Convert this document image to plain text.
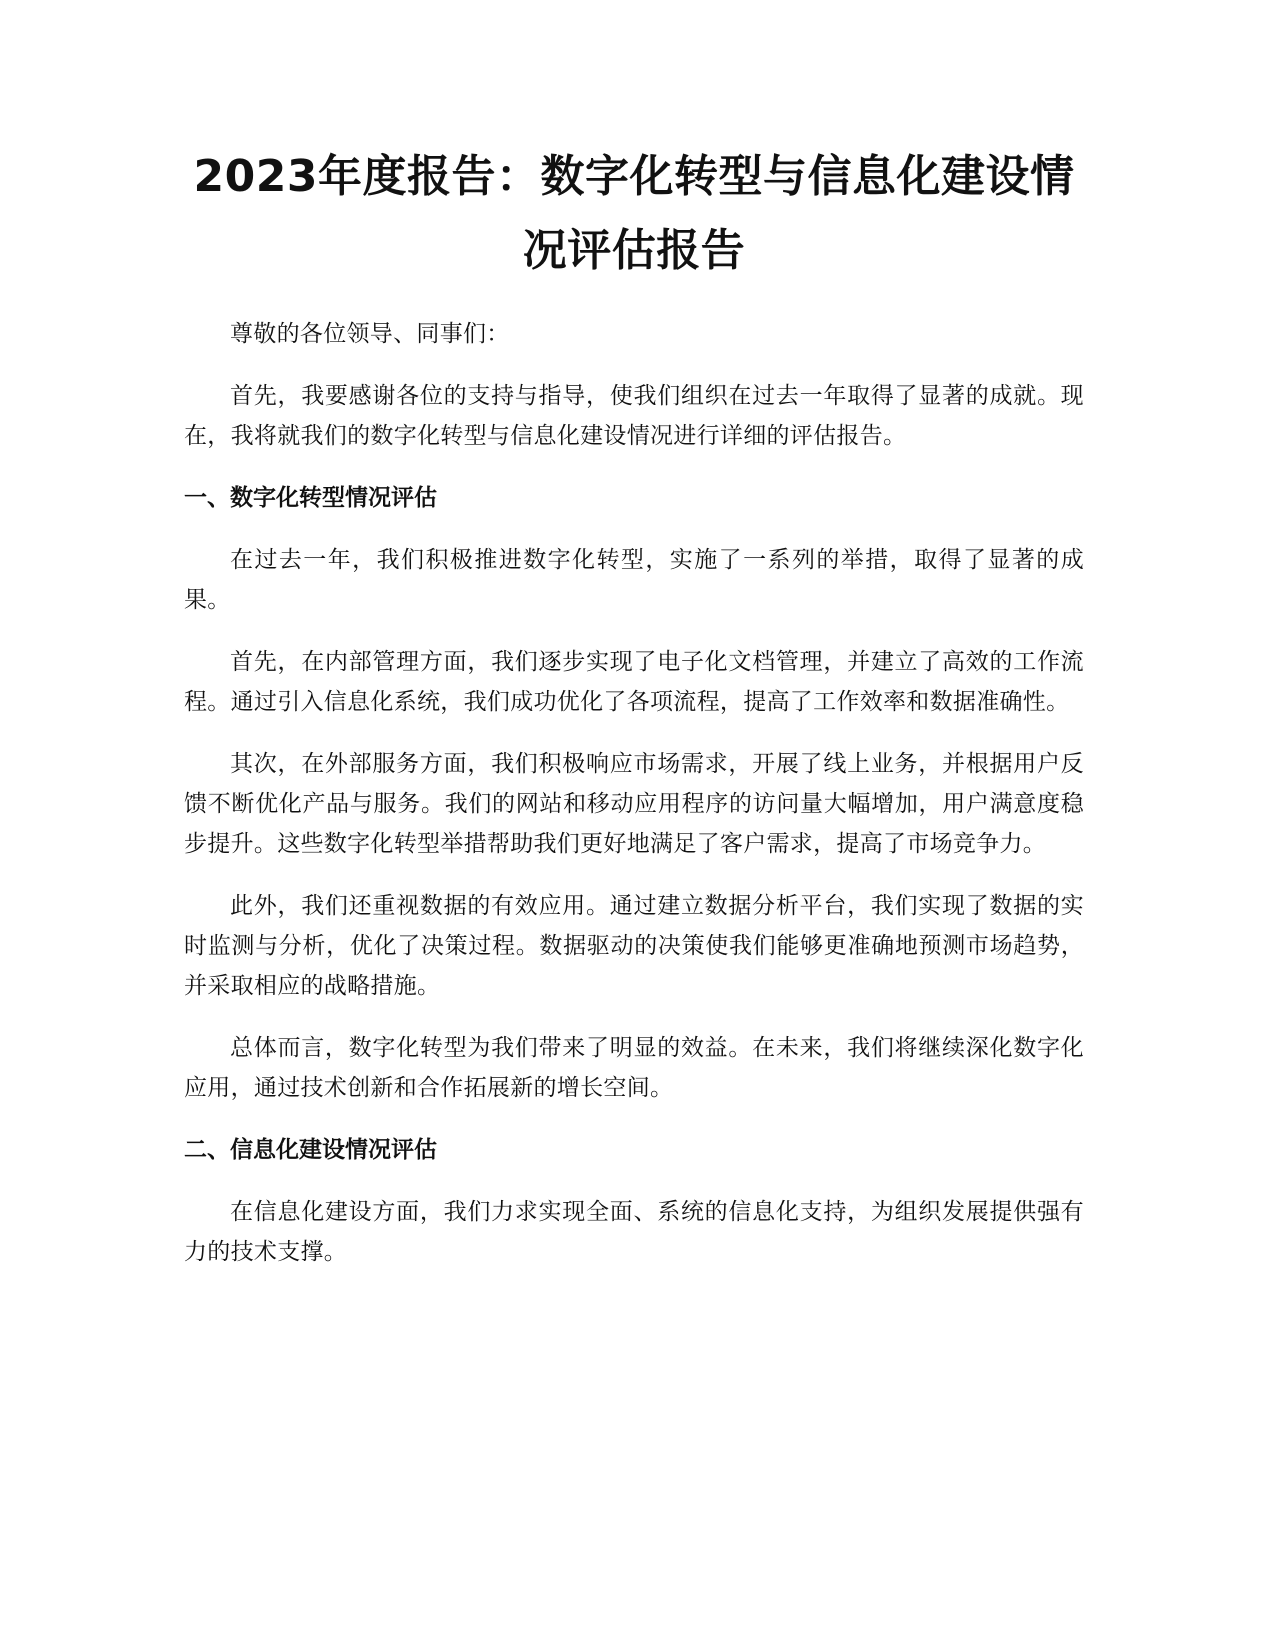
2023年度报告：数字化转型与信息化建设情况评估报告

尊敬的各位领导、同事们：

首先，我要感谢各位的支持与指导，使我们组织在过去一年取得了显著的成就。现在，我将就我们的数字化转型与信息化建设情况进行详细的评估报告。

一、数字化转型情况评估

在过去一年，我们积极推进数字化转型，实施了一系列的举措，取得了显著的成果。

首先，在内部管理方面，我们逐步实现了电子化文档管理，并建立了高效的工作流程。通过引入信息化系统，我们成功优化了各项流程，提高了工作效率和数据准确性。

其次，在外部服务方面，我们积极响应市场需求，开展了线上业务，并根据用户反馈不断优化产品与服务。我们的网站和移动应用程序的访问量大幅增加，用户满意度稳步提升。这些数字化转型举措帮助我们更好地满足了客户需求，提高了市场竞争力。

此外，我们还重视数据的有效应用。通过建立数据分析平台，我们实现了数据的实时监测与分析，优化了决策过程。数据驱动的决策使我们能够更准确地预测市场趋势，并采取相应的战略措施。

总体而言，数字化转型为我们带来了明显的效益。在未来，我们将继续深化数字化应用，通过技术创新和合作拓展新的增长空间。

二、信息化建设情况评估

在信息化建设方面，我们力求实现全面、系统的信息化支持，为组织发展提供强有力的技术支撑。
